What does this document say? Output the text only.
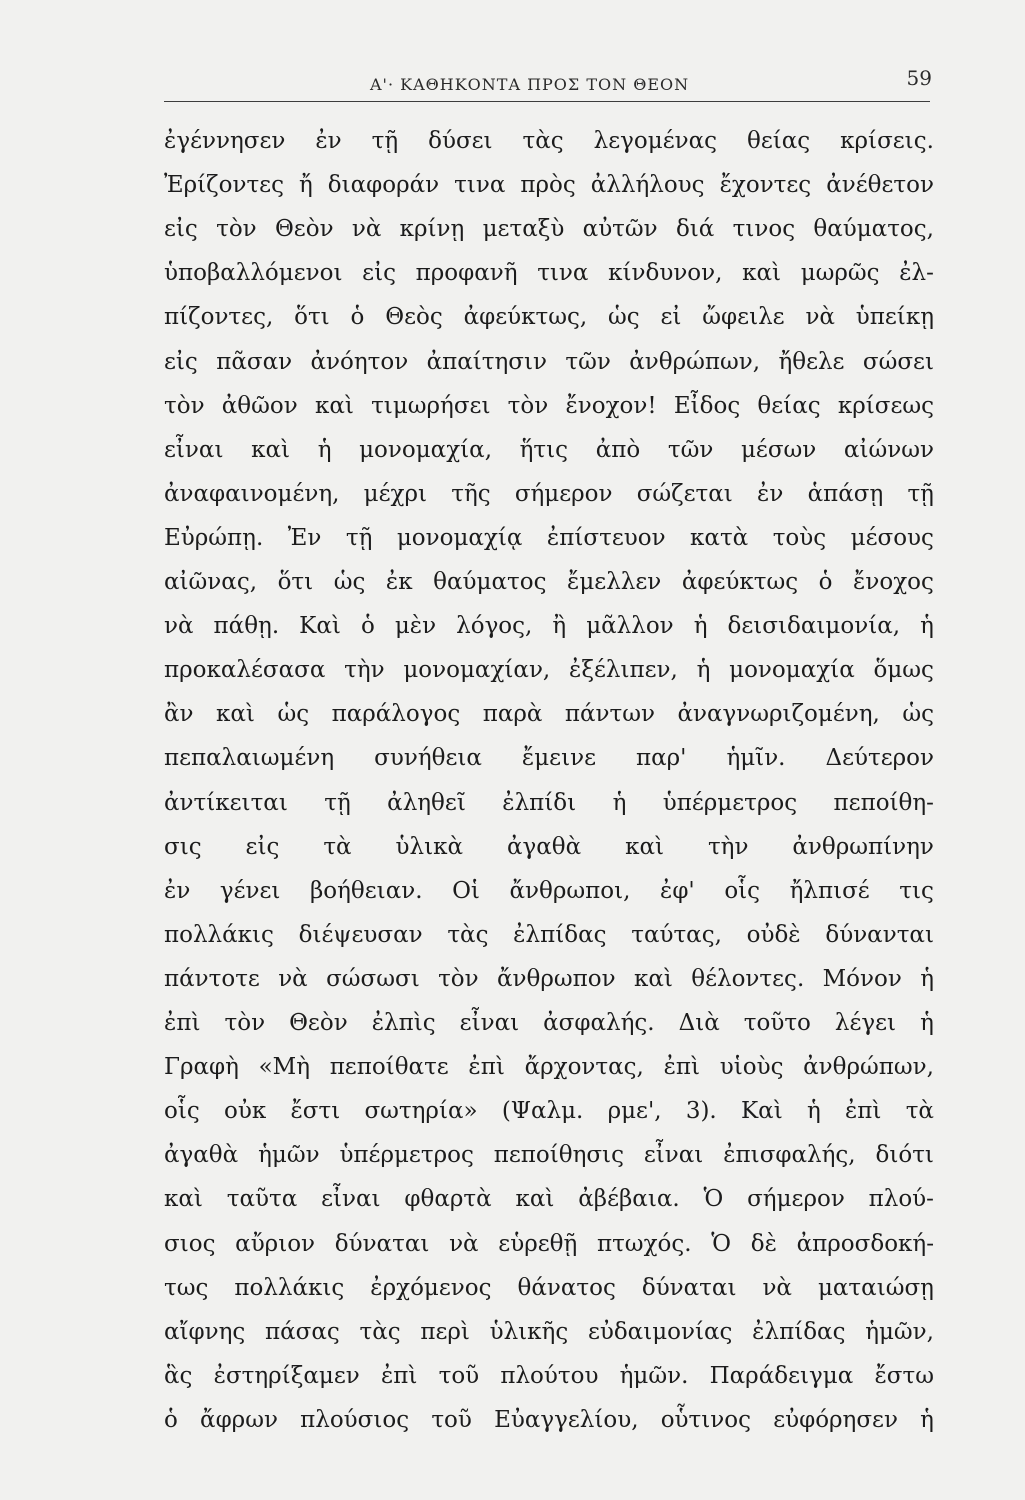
Α'· ΚΑΘΗΚΟΝΤΑ ΠΡΟΣ ΤΟΝ ΘΕΟΝ	59
ἐγέννησεν ἐν τῇ δύσει τὰς λεγομένας θείας κρίσεις.
Ἐρίζοντες ἤ διαφοράν τινα πρὸς ἀλλήλους ἔχοντες ἀνέθετον
εἰς τὸν Θεὸν νὰ κρίνῃ μεταξὺ αὐτῶν διά τινος θαύματος,
ὑποβαλλόμενοι εἰς προφανῆ τινα κίνδυνον, καὶ μωρῶς ἐλ-
πίζοντες, ὅτι ὁ Θεὸς ἀφεύκτως, ὡς εἰ ὤφειλε νὰ ὑπείκῃ
εἰς πᾶσαν ἀνόητον ἀπαίτησιν τῶν ἀνθρώπων, ἤθελε σώσει
τὸν ἀθῶον καὶ τιμωρήσει τὸν ἔνοχον! Εἶδος θείας κρίσεως
εἶναι καὶ ἡ μονομαχία, ἥτις ἀπὸ τῶν μέσων αἰώνων
ἀναφαινομένη, μέχρι τῆς σήμερον σώζεται ἐν ἁπάσῃ τῇ
Εὐρώπῃ. Ἐν τῇ μονομαχίᾳ ἐπίστευον κατὰ τοὺς μέσους
αἰῶνας, ὅτι ὡς ἐκ θαύματος ἔμελλεν ἀφεύκτως ὁ ἔνοχος
νὰ πάθῃ. Καὶ ὁ μὲν λόγος, ἢ μᾶλλον ἡ δεισιδαιμονία, ἡ
προκαλέσασα τὴν μονομαχίαν, ἐξέλιπεν, ἡ μονομαχία ὅμως
ἂν καὶ ὡς παράλογος παρὰ πάντων ἀναγνωριζομένη, ὡς
πεπαλαιωμένη συνήθεια ἔμεινε παρ' ἡμῖν. Δεύτερον
ἀντίκειται τῇ ἀληθεῖ ἐλπίδι ἡ ὑπέρμετρος πεποίθη-
σις εἰς τὰ ὑλικὰ ἀγαθὰ καὶ τὴν ἀνθρωπίνην
ἐν γένει βοήθειαν. Οἱ ἄνθρωποι, ἐφ' οἷς ἤλπισέ τις
πολλάκις διέψευσαν τὰς ἐλπίδας ταύτας, οὐδὲ δύνανται
πάντοτε νὰ σώσωσι τὸν ἄνθρωπον καὶ θέλοντες. Μόνον ἡ
ἐπὶ τὸν Θεὸν ἐλπὶς εἶναι ἀσφαλής. Διὰ τοῦτο λέγει ἡ
Γραφὴ «Μὴ πεποίθατε ἐπὶ ἄρχοντας, ἐπὶ υἱοὺς ἀνθρώπων,
οἷς οὐκ ἔστι σωτηρία» (Ψαλμ. ρμε', 3). Καὶ ἡ ἐπὶ τὰ
ἀγαθὰ ἡμῶν ὑπέρμετρος πεποίθησις εἶναι ἐπισφαλής, διότι
καὶ ταῦτα εἶναι φθαρτὰ καὶ ἀβέβαια. Ὁ σήμερον πλού-
σιος αὔριον δύναται νὰ εὑρεθῇ πτωχός. Ὁ δὲ ἀπροσδοκή-
τως πολλάκις ἐρχόμενος θάνατος δύναται νὰ ματαιώσῃ
αἴφνης πάσας τὰς περὶ ὑλικῆς εὐδαιμονίας ἐλπίδας ἡμῶν,
ἃς ἐστηρίξαμεν ἐπὶ τοῦ πλούτου ἡμῶν. Παράδειγμα ἔστω
ὁ ἄφρων πλούσιος τοῦ Εὐαγγελίου, οὗτινος εὐφόρησεν ἡ
